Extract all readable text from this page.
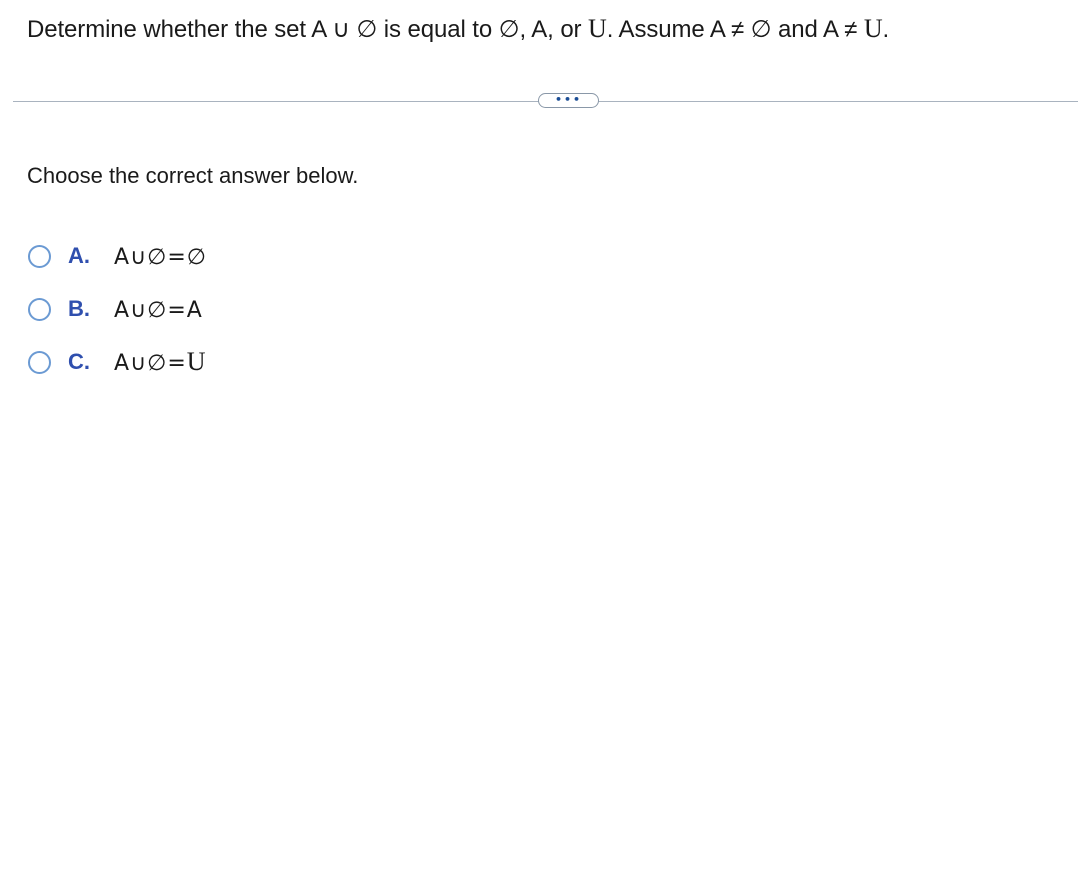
Determine whether the set A ∪ ∅ is equal to ∅, A, or U. Assume A ≠ ∅ and A ≠ U.
•••
Choose the correct answer below.
A.	A∪∅=∅
B.	A∪∅=A
C.	A∪∅=U
